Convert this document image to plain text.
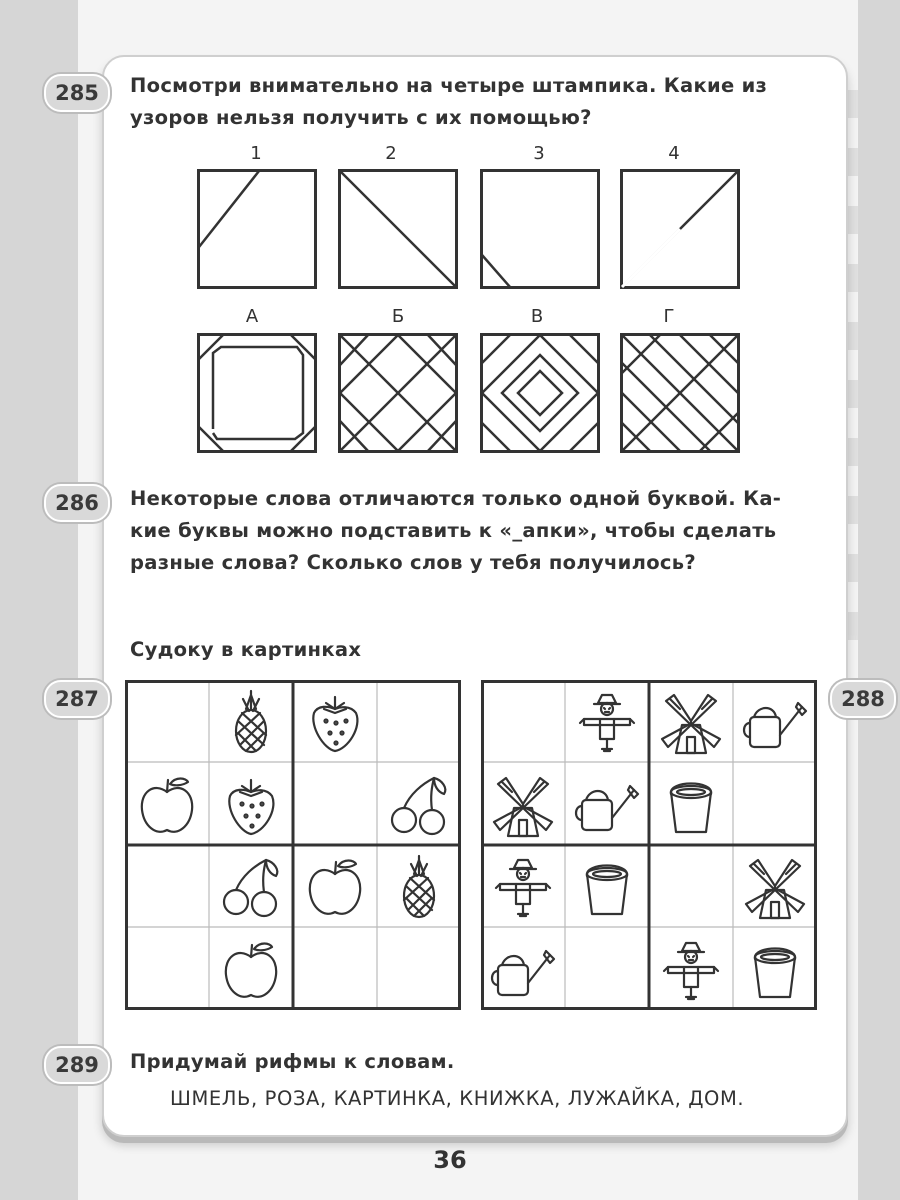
285	Посмотри внимательно на четыре штампика. Какие из
узоров нельзя получить с их помощью?
1	2	3	4
А	Б	В	Г
286	Некоторые слова отличаются только одной буквой. Ка-
кие буквы можно подставить к «_апки», чтобы сделать
разные слова? Сколько слов у тебя получилось?
Судоку в картинках
287	288
289	Придумай рифмы к словам.
ШМЕЛЬ, РОЗА, КАРТИНКА, КНИЖКА, ЛУЖАЙКА, ДОМ.
36
